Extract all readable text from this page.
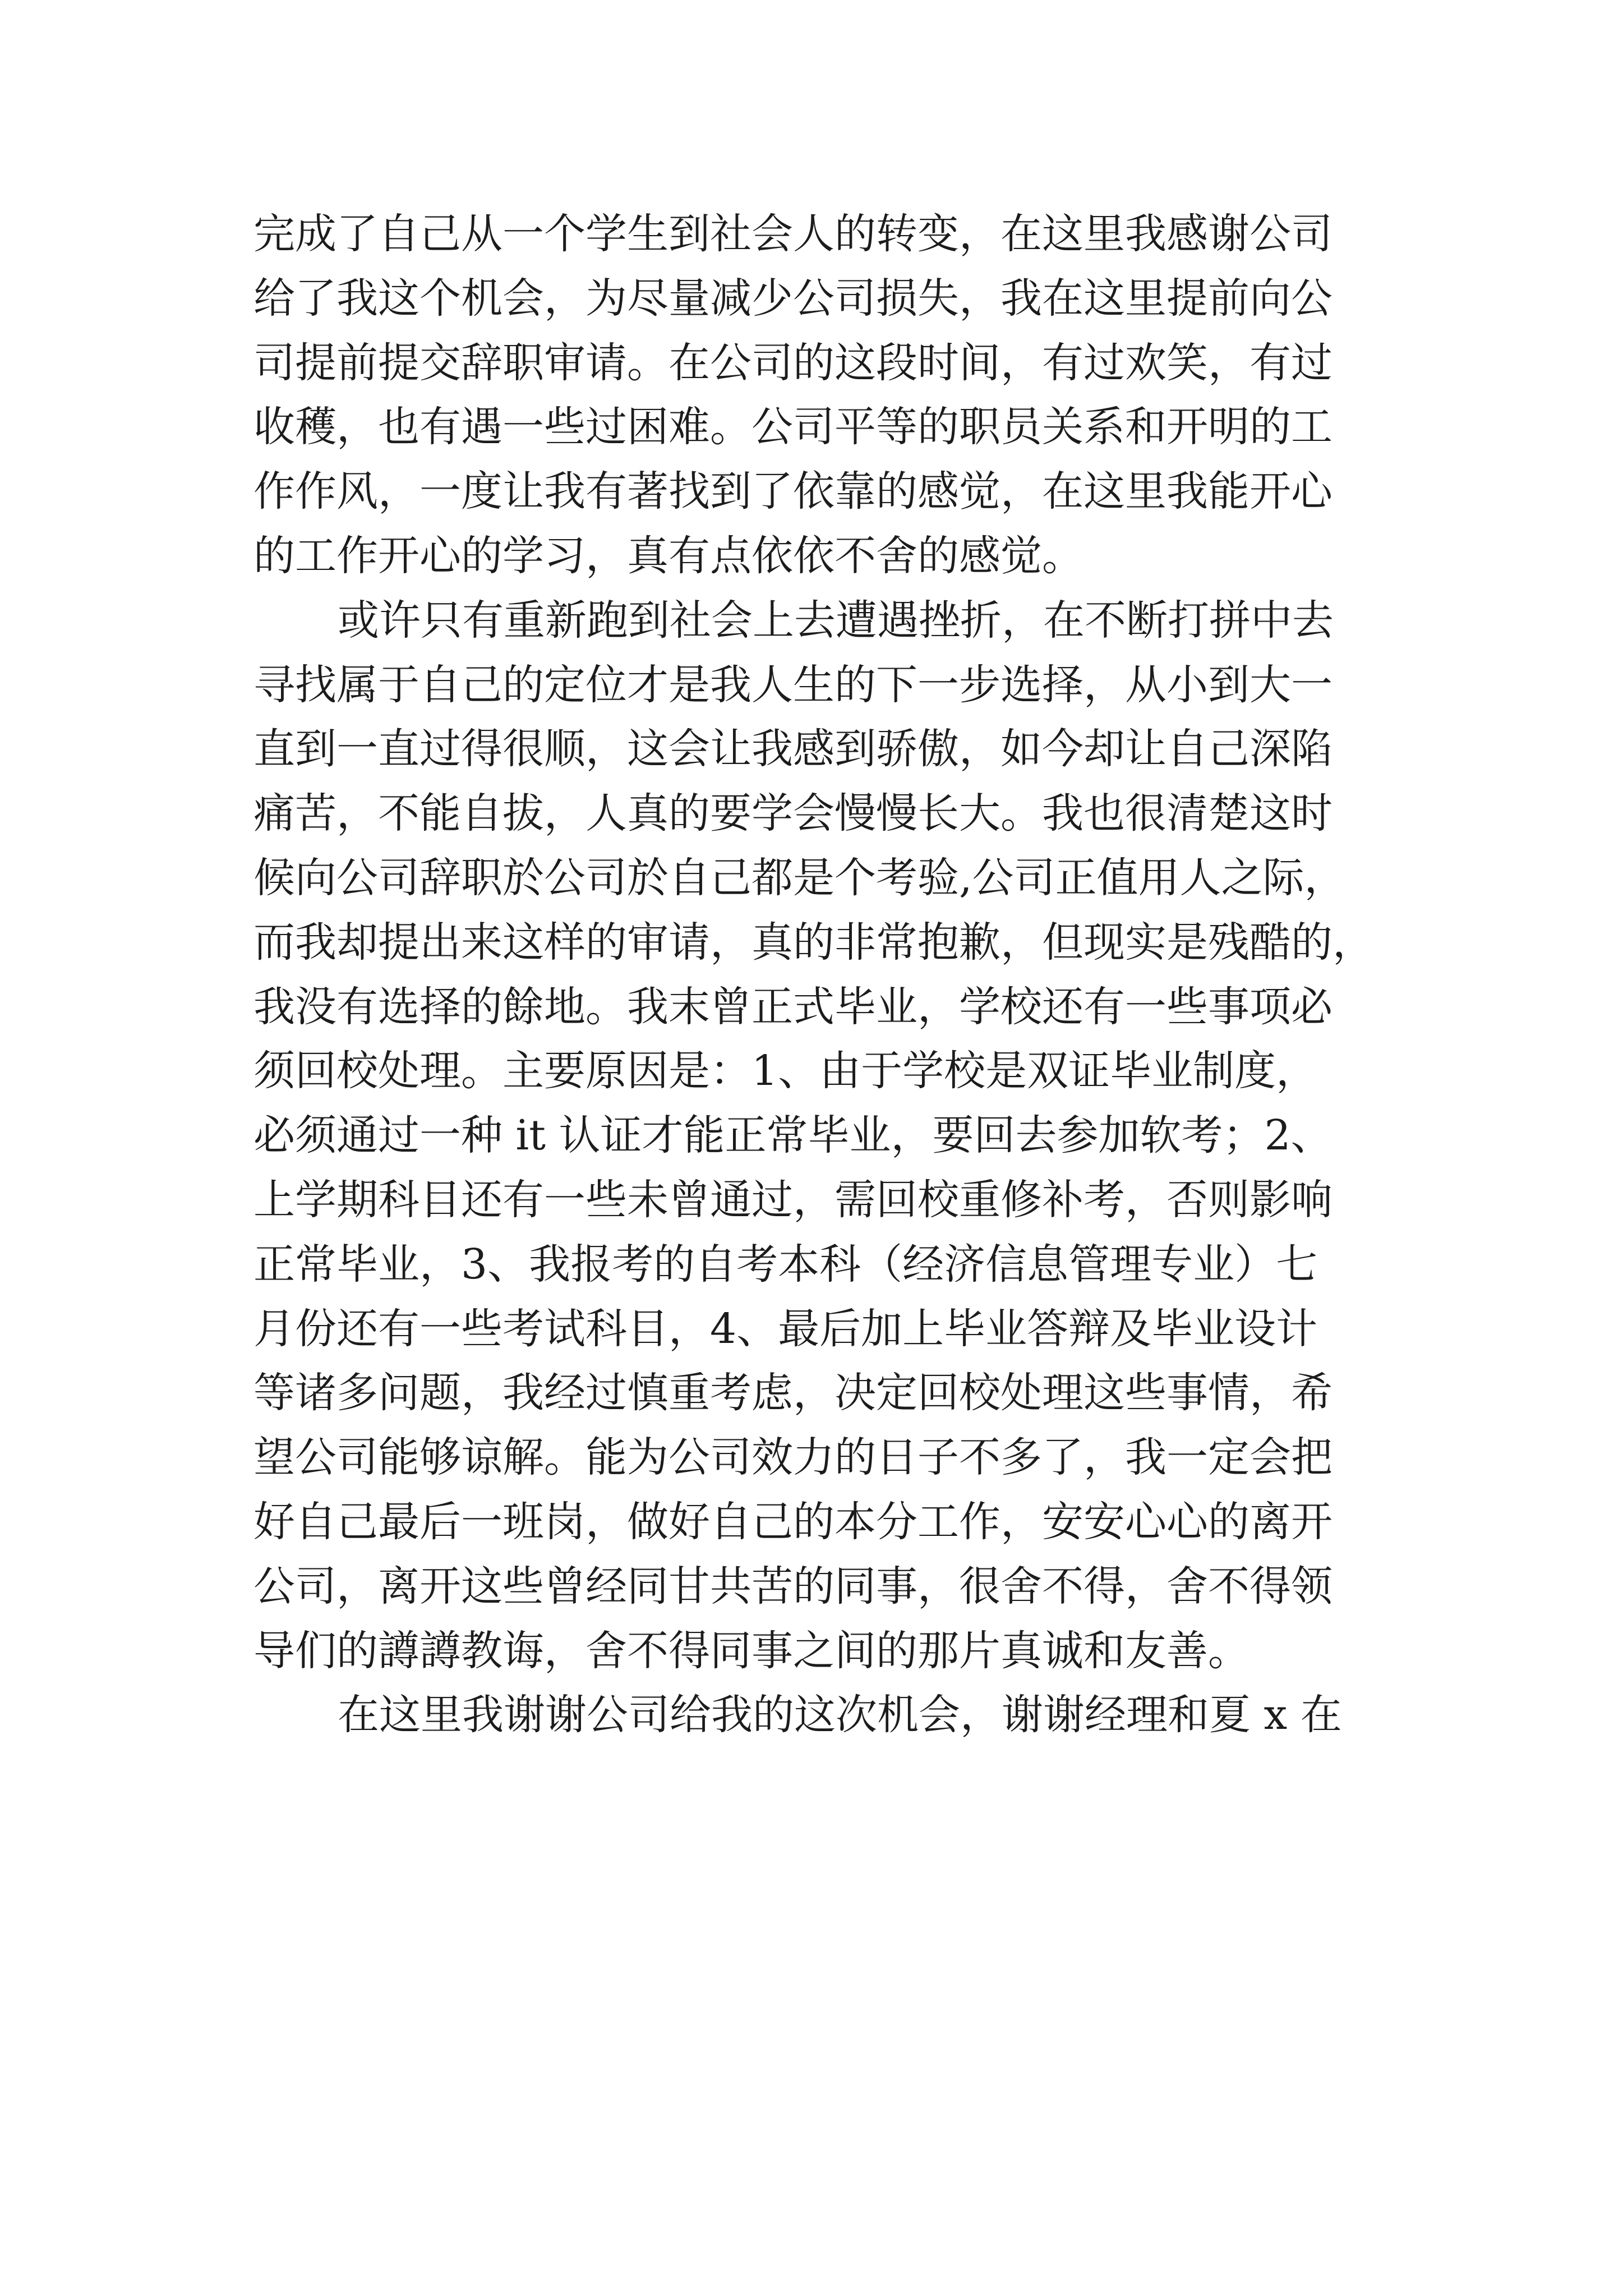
完成了自己从一个学生到社会人的转变，在这里我感谢公司
给了我这个机会，为尽量减少公司损失，我在这里提前向公
司提前提交辞职审请。在公司的这段时间，有过欢笑，有过
收穫，也有遇一些过困难。公司平等的职员关系和开明的工
作作风，一度让我有著找到了依靠的感觉，在这里我能开心
的工作开心的学习，真有点依依不舍的感觉。
或许只有重新跑到社会上去遭遇挫折，在不断打拼中去
寻找属于自己的定位才是我人生的下一步选择，从小到大一
直到一直过得很顺，这会让我感到骄傲，如今却让自己深陷
痛苦，不能自拔，人真的要学会慢慢长大。我也很清楚这时
候向公司辞职於公司於自己都是个考验,公司正值用人之际，
而我却提出来这样的审请，真的非常抱歉，但现实是残酷的，
我没有选择的餘地。我末曾正式毕业，学校还有一些事项必
须回校处理。主要原因是：1、由于学校是双证毕业制度，
必须通过一种 it 认证才能正常毕业，要回去参加软考；2、
上学期科目还有一些未曾通过，需回校重修补考，否则影响
正常毕业，3、我报考的自考本科（经济信息管理专业）七
月份还有一些考试科目，4、最后加上毕业答辩及毕业设计
等诸多问题，我经过慎重考虑，决定回校处理这些事情，希
望公司能够谅解。能为公司效力的日子不多了，我一定会把
好自己最后一班岗，做好自己的本分工作，安安心心的离开
公司，离开这些曾经同甘共苦的同事，很舍不得，舍不得领
导们的譐譐教诲，舍不得同事之间的那片真诚和友善。
在这里我谢谢公司给我的这次机会，谢谢经理和夏 x 在
